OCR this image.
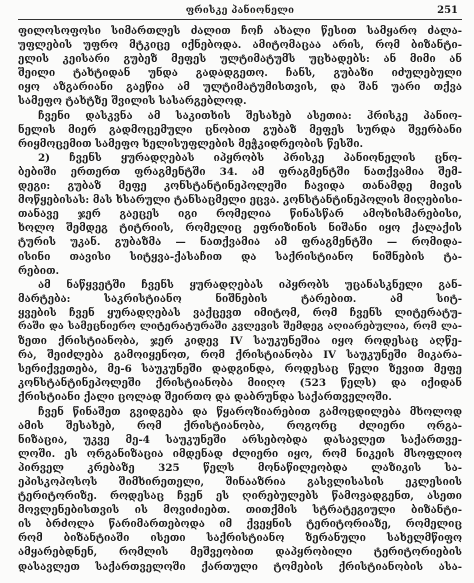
ფრისკე პანიონელი	251

ფილოსოფოსი სიმართლეს ძალით ჩოჩ ახალი წესით სამყარო ძალა-
უფლების უფრო მტკიცე იქნებოდა. ამიტომაცაა არის, რომ ბიზანტი-
ელის კეისარი გუბეზ მეფეს ულტიმატუმს უცხადებს: ან მიმი ან
შეილი ტახტიდან უნდა გადადგეთო. ჩანს, გუბაზი იძულებული
იყო აზგარიანი გაეწია ამ ულტიმატუმისთვის, და შან უარი თქვა
სამეფო ტახტზე შვილის სასარგებლოდ.

ჩვენი დასკვნა ამ საკითხის შესახებ ასეთია: ჰრისკე პანიო-
ნელის მიერ გადმოცემული ცნობით გუბაზ მეფეს სურდა შვერბანი
რიყმოცემით სამეფო ხელისუფლების მეჭკიდრეობის წესში.

2) ჩვენს ყურადღებას იპყრობს პრისკე პანიონელის ცნო-
ბებიში ერთერთ ფრაგმენტში 34. ამ ფრაგმენტში ნათქვამია შემ-
დეგი: გუბაზ მეფე კონსტანტინეპოლეში ჩავიდა თანამდე მივის
მოწყებისას: მას ხსარული ტანსაცმელი ეცვა. კონსტანტინეპოლის მიღებისი-
თანავე ჯერ გაეცეს იგი რომელია წინასწარ ამოხისმარებისი,
ხოლო შემდეგ ტიტრიის, რომელიც ეფრიზინის ნიშანი იყო ქალაქის
ტურის უკან. გუბაზმა — ნათქვამია ამ ფრაგმენტში — რომიდა-
ისინი თავისი სიტყვა-ქასაჩით და საქრისტიანო ნიშნების ტა-
რებით.

ამ ნაწყვეტში ჩვენს ყურადღებას იპყრობს უცანასკნელი გან-
მარტება: საკრისტიანო ნიშნების ტარებით. ამ სიტ-
ყვების ჩვენ ყურადღებას ვაქცევთ იმიტომ, რომ ჩვენს ლიტერატუ-
რაში და სამეცნიერო ლიტერატურაში კვლევის შემდეგ აღიარებულია, რომ ლა-
ზეთი ქრისტიანობა, ჯერ კიდევ IV საუკუნეშია იყო როდესაც აღწე-
რა, შეიძლება გამოიყენოთ, რომ ქრისტიანობა IV საუკუნეში მიკარა-
სერიქვეთება, მე-6 საუკუნეში დადგინდა, როდესაც წელი ზევით მეფე
კონსტანტინეპოლეში ქრისტიანობა მიიღო (523 წელს) და იქიდან
ქრისტიანი ქალი ცოლად შეირთო და დაბრუნდა საქართველოში.

ჩვენ წინაშეთ გვიდგება და წყაროზიარებით გამოცდილება მხოლოდ
ამის შესახებ, რომ ქრისტიანობა, როგორც ძლიერი ორგა-
ნიზაცია, უკვე მე-4 საუკუნეში არსებობდა დასავლეთ საქართვე-
ლოში. ეს ორგანიზაცია იმდენად ძლიერი იყო, რომ ნიკეის მსოფლიო
პირველ კრებაზე 325 წელს მონაწილეობდა ლაზიკის სა-
ეპისკოპოსოს შიმხირეთელი, შინააზრია გასვლისასის ეკლესიის
ტერიტორიზე. როდესაც ჩვენ ეს ღირებულებს წამოვადგენთ, ასეთი
მოვლენებისთვის ის მოვიძიებთ. თითქმის სტრატეგიული ბიზანტი-
ის ბრძოლა წარიმართებოდა იმ ქვეყნის ტერიტორიაზე, რომელიც
რომ ბიზანტიაში ისეთი საქრისტიანო ზერანული სახელმწიფო
ამყარებდნენ, რომლის მეშვეობით დაპყრობილი ტერიტორიების
დასავლეთ საქართველოში ქართული ტომების ქრისტიანობის ასა-
